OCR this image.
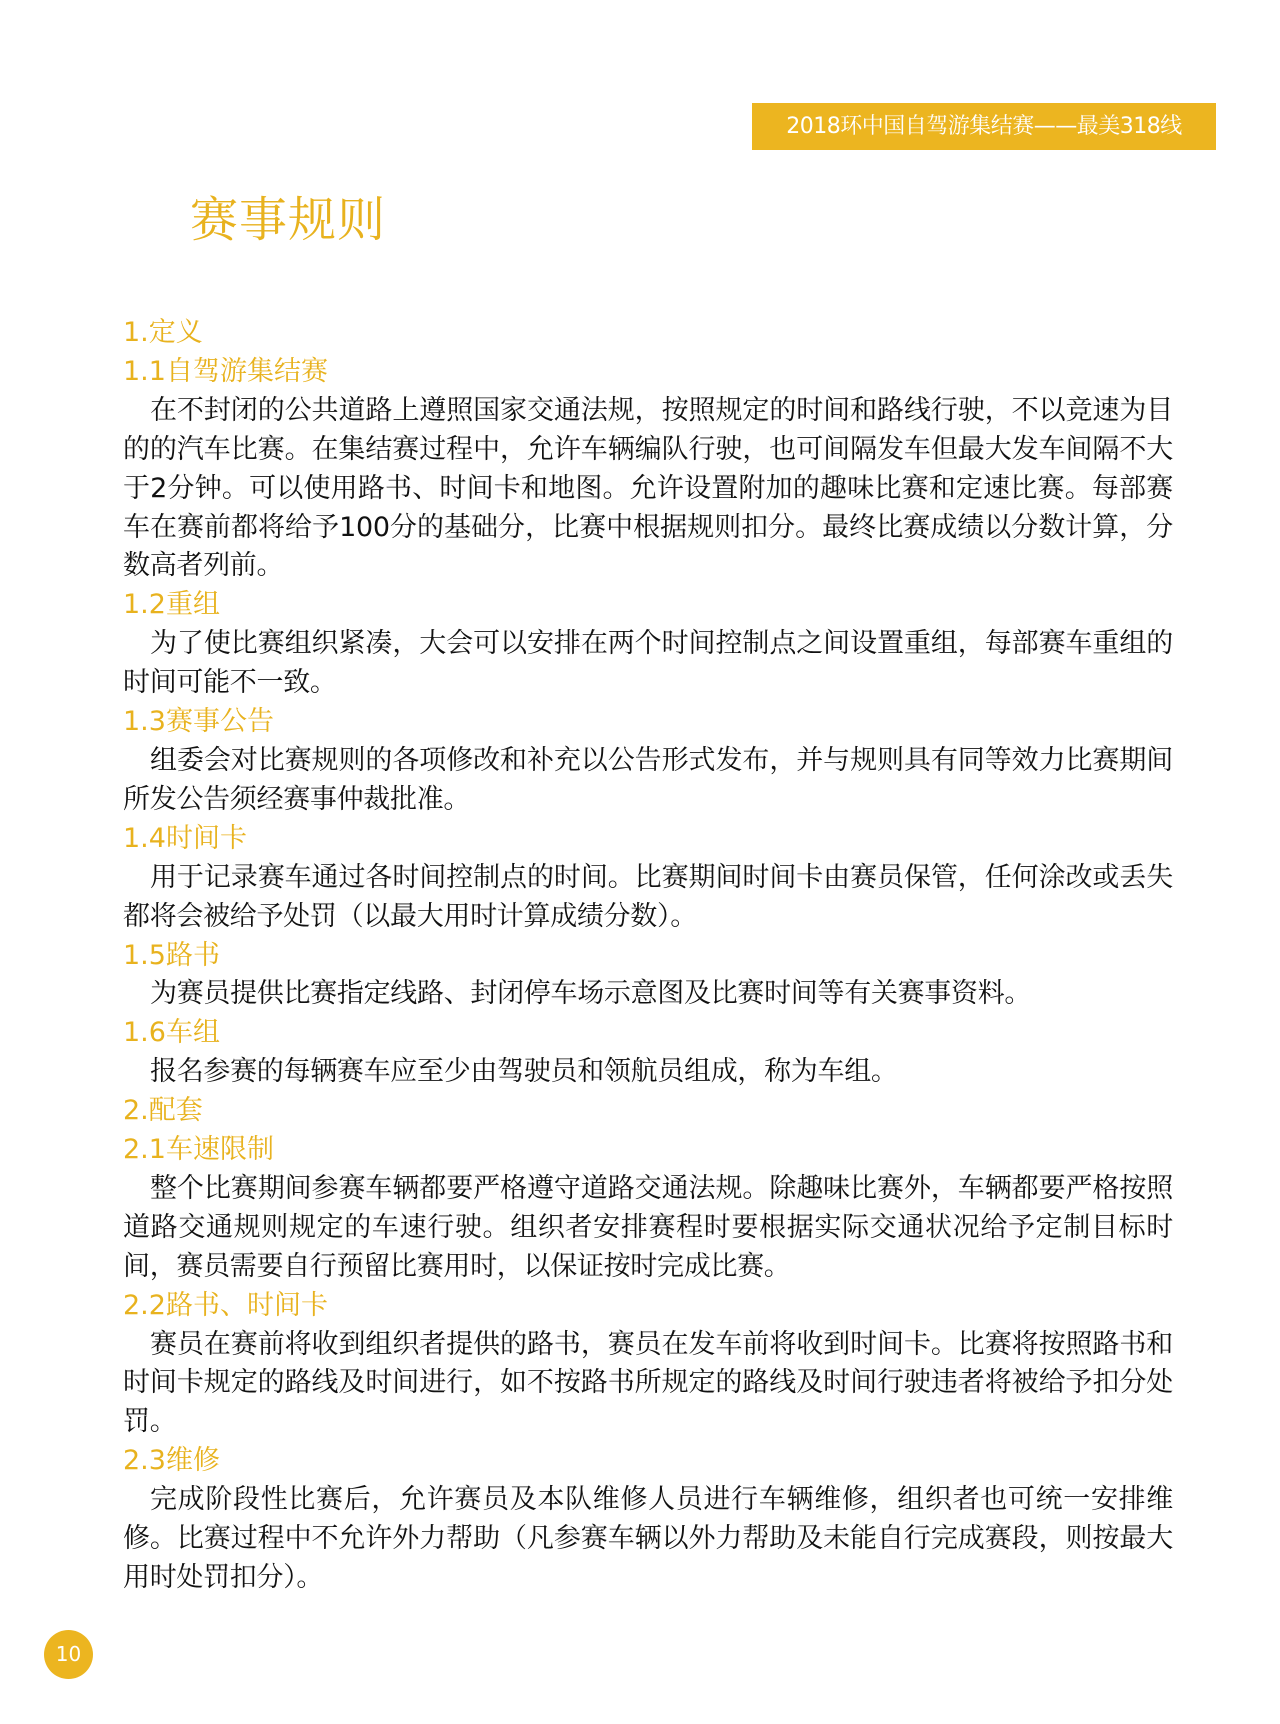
2018环中国自驾游集结赛——最美318线
赛事规则
1.定义
1.1自驾游集结赛
在不封闭的公共道路上遵照国家交通法规，按照规定的时间和路线行驶，不以竞速为目的的汽车比赛。在集结赛过程中，允许车辆编队行驶，也可间隔发车但最大发车间隔不大于2分钟。可以使用路书、时间卡和地图。允许设置附加的趣味比赛和定速比赛。每部赛车在赛前都将给予100分的基础分，比赛中根据规则扣分。最终比赛成绩以分数计算，分数高者列前。
1.2重组
为了使比赛组织紧凑，大会可以安排在两个时间控制点之间设置重组，每部赛车重组的时间可能不一致。
1.3赛事公告
组委会对比赛规则的各项修改和补充以公告形式发布，并与规则具有同等效力比赛期间所发公告须经赛事仲裁批准。
1.4时间卡
用于记录赛车通过各时间控制点的时间。比赛期间时间卡由赛员保管，任何涂改或丢失都将会被给予处罚（以最大用时计算成绩分数）。
1.5路书
为赛员提供比赛指定线路、封闭停车场示意图及比赛时间等有关赛事资料。
1.6车组
报名参赛的每辆赛车应至少由驾驶员和领航员组成，称为车组。
2.配套
2.1车速限制
整个比赛期间参赛车辆都要严格遵守道路交通法规。除趣味比赛外，车辆都要严格按照道路交通规则规定的车速行驶。组织者安排赛程时要根据实际交通状况给予定制目标时间，赛员需要自行预留比赛用时，以保证按时完成比赛。
2.2路书、时间卡
赛员在赛前将收到组织者提供的路书，赛员在发车前将收到时间卡。比赛将按照路书和时间卡规定的路线及时间进行，如不按路书所规定的路线及时间行驶违者将被给予扣分处罚。
2.3维修
完成阶段性比赛后，允许赛员及本队维修人员进行车辆维修，组织者也可统一安排维修。比赛过程中不允许外力帮助（凡参赛车辆以外力帮助及未能自行完成赛段，则按最大用时处罚扣分）。
10
